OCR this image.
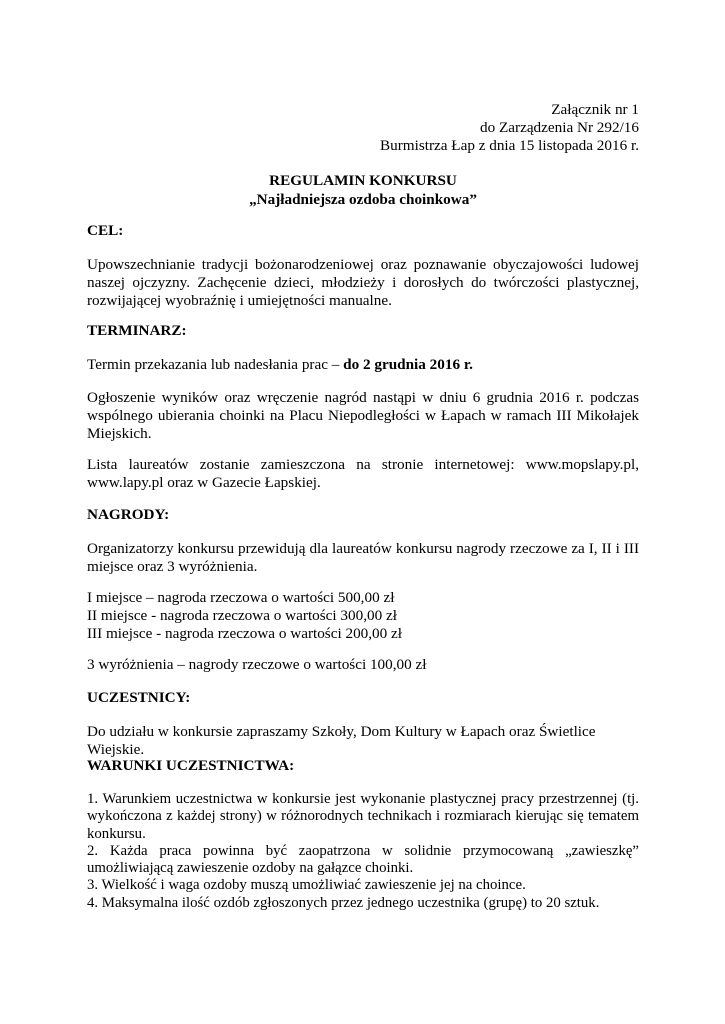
Załącznik nr 1
do Zarządzenia Nr 292/16
Burmistrza Łap z dnia 15 listopada 2016 r.
REGULAMIN KONKURSU
„Najładniejsza ozdoba choinkowa”
CEL:
Upowszechnianie tradycji bożonarodzeniowej oraz poznawanie obyczajowości ludowej
naszej ojczyzny. Zachęcenie dzieci, młodzieży i dorosłych do twórczości plastycznej,
rozwijającej wyobraźnię i umiejętności manualne.
TERMINARZ:
Termin przekazania lub nadesłania prac – do 2 grudnia 2016 r.
Ogłoszenie wyników oraz wręczenie nagród nastąpi w dniu 6 grudnia 2016 r. podczas
wspólnego ubierania choinki na Placu Niepodległości w Łapach w ramach III Mikołajek
Miejskich.
Lista laureatów zostanie zamieszczona na stronie internetowej: www.mopslapy.pl,
www.lapy.pl oraz w Gazecie Łapskiej.
NAGRODY:
Organizatorzy konkursu przewidują dla laureatów konkursu nagrody rzeczowe za I, II i III
miejsce oraz 3 wyróżnienia.
I miejsce – nagroda rzeczowa o wartości 500,00 zł
II miejsce - nagroda rzeczowa o wartości 300,00 zł
III miejsce - nagroda rzeczowa o wartości 200,00 zł
3 wyróżnienia – nagrody rzeczowe o wartości 100,00 zł
UCZESTNICY:
Do udziału w konkursie zapraszamy Szkoły, Dom Kultury w Łapach oraz Świetlice Wiejskie.
WARUNKI UCZESTNICTWA:
1. Warunkiem uczestnictwa w konkursie jest wykonanie plastycznej pracy przestrzennej (tj.
wykończona z każdej strony) w różnorodnych technikach i rozmiarach kierując się tematem
konkursu.
2. Każda praca powinna być zaopatrzona w solidnie przymocowaną „zawieszkę”
umożliwiającą zawieszenie ozdoby na gałązce choinki.
3. Wielkość i waga ozdoby muszą umożliwiać zawieszenie jej na choince.
4. Maksymalna ilość ozdób zgłoszonych przez jednego uczestnika (grupę) to 20 sztuk.
